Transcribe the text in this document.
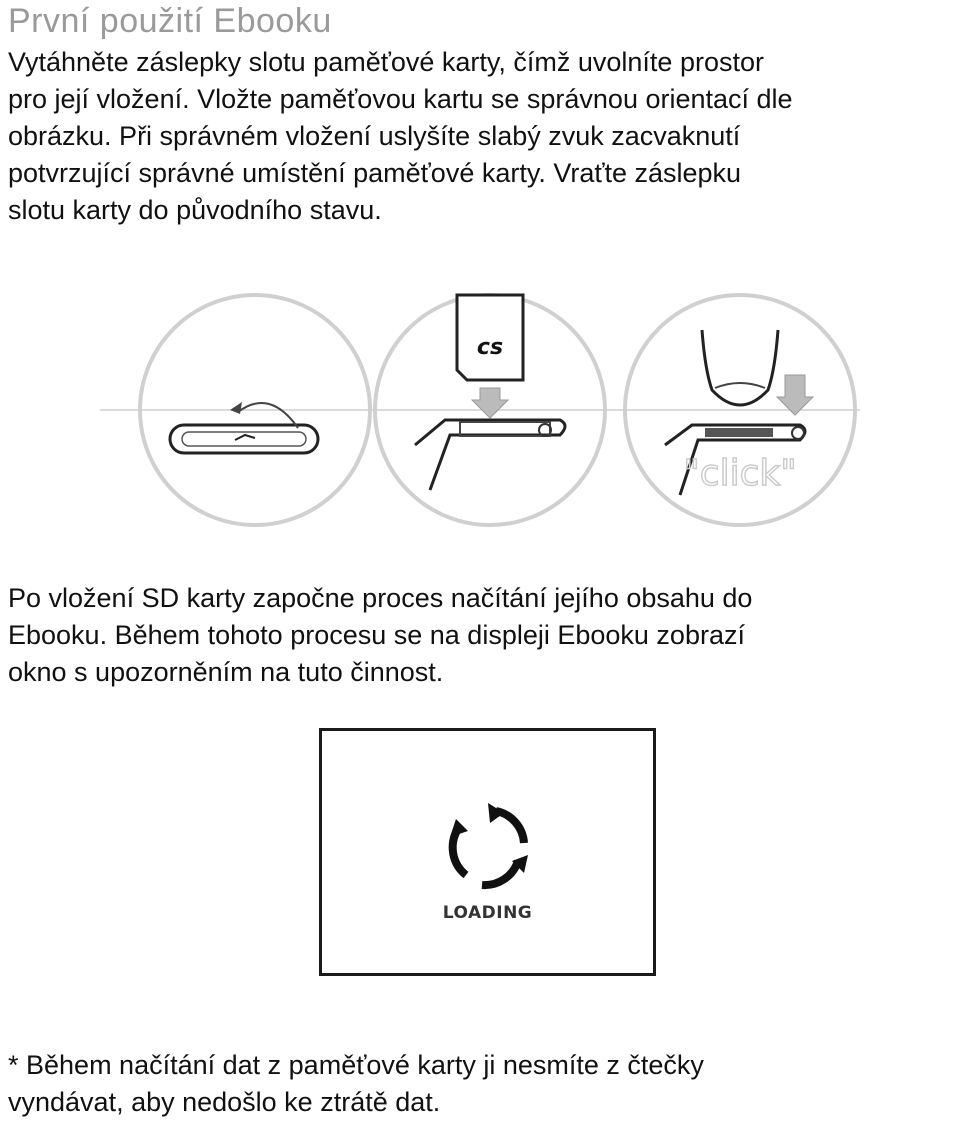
První použití Ebooku

Vytáhněte záslepky slotu paměťové karty, čímž uvolníte prostor
pro její vložení. Vložte paměťovou kartu se správnou orientací dle
obrázku. Při správném vložení uslyšíte slabý zvuk zacvaknutí
potvrzující správné umístění paměťové karty. Vraťte záslepku
slotu karty do původního stavu.

cs
"click"

Po vložení SD karty započne proces načítání jejího obsahu do
Ebooku. Během tohoto procesu se na displeji Ebooku zobrazí
okno s upozorněním na tuto činnost.

LOADING

* Během načítání dat z paměťové karty ji nesmíte z čtečky
vyndávat, aby nedošlo ke ztrátě dat.
